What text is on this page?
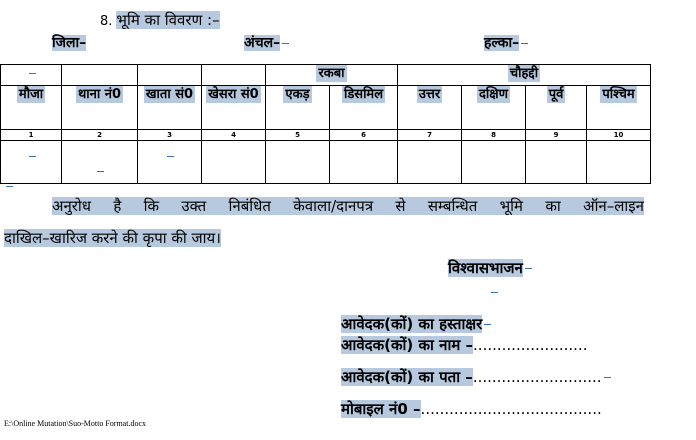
8. भूमि का विवरण :–
जिला–	अंचल–	हल्का–
				रकबा		चौहद्दी			
मौजा	थाना नं0	खाता सं0	खेसरा सं0	एकड़	डिसमिल	उत्तर	दक्षिण	पूर्व	पश्चिम
1	2	3	4	5	6	7	8	9	10

अनुरोध है कि उक्त निबंधित केवाला/दानपत्र से सम्बन्धित भूमि का ऑन–लाइन
दाखिल–खारिज करने की कृपा की जाय।
विश्वासभाजन
आवेदक(कों) का हस्ताक्षर
आवेदक(कों) का नाम –........................
आवेदक(कों) का पता –...........................
मोबाइल नं0 –......................................
E:\Online Mutation\Suo-Motto Format.docx
